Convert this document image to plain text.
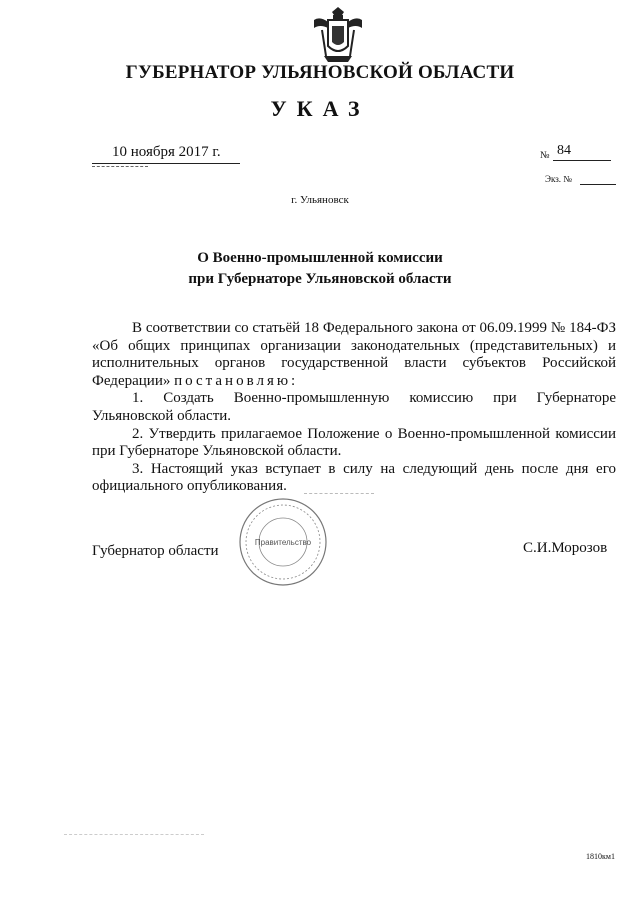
ГУБЕРНАТОР УЛЬЯНОВСКОЙ ОБЛАСТИ
УКАЗ
10 ноября 2017 г.	№ 84
Экз. №
г. Ульяновск
О Военно-промышленной комиссии
при Губернаторе Ульяновской области

В соответствии со статьёй 18 Федерального закона от 06.09.1999 № 184-ФЗ «Об общих принципах организации законодательных (представительных) и исполнительных органов государственной власти субъектов Российской Федерации» постановляю:

1. Создать Военно-промышленную комиссию при Губернаторе Ульяновской области.

2. Утвердить прилагаемое Положение о Военно-промышленной комиссии при Губернаторе Ульяновской области.

3. Настоящий указ вступает в силу на следующий день после дня его официального опубликования.

Правительство
Губернатор области	С.И.Морозов
1810км1
